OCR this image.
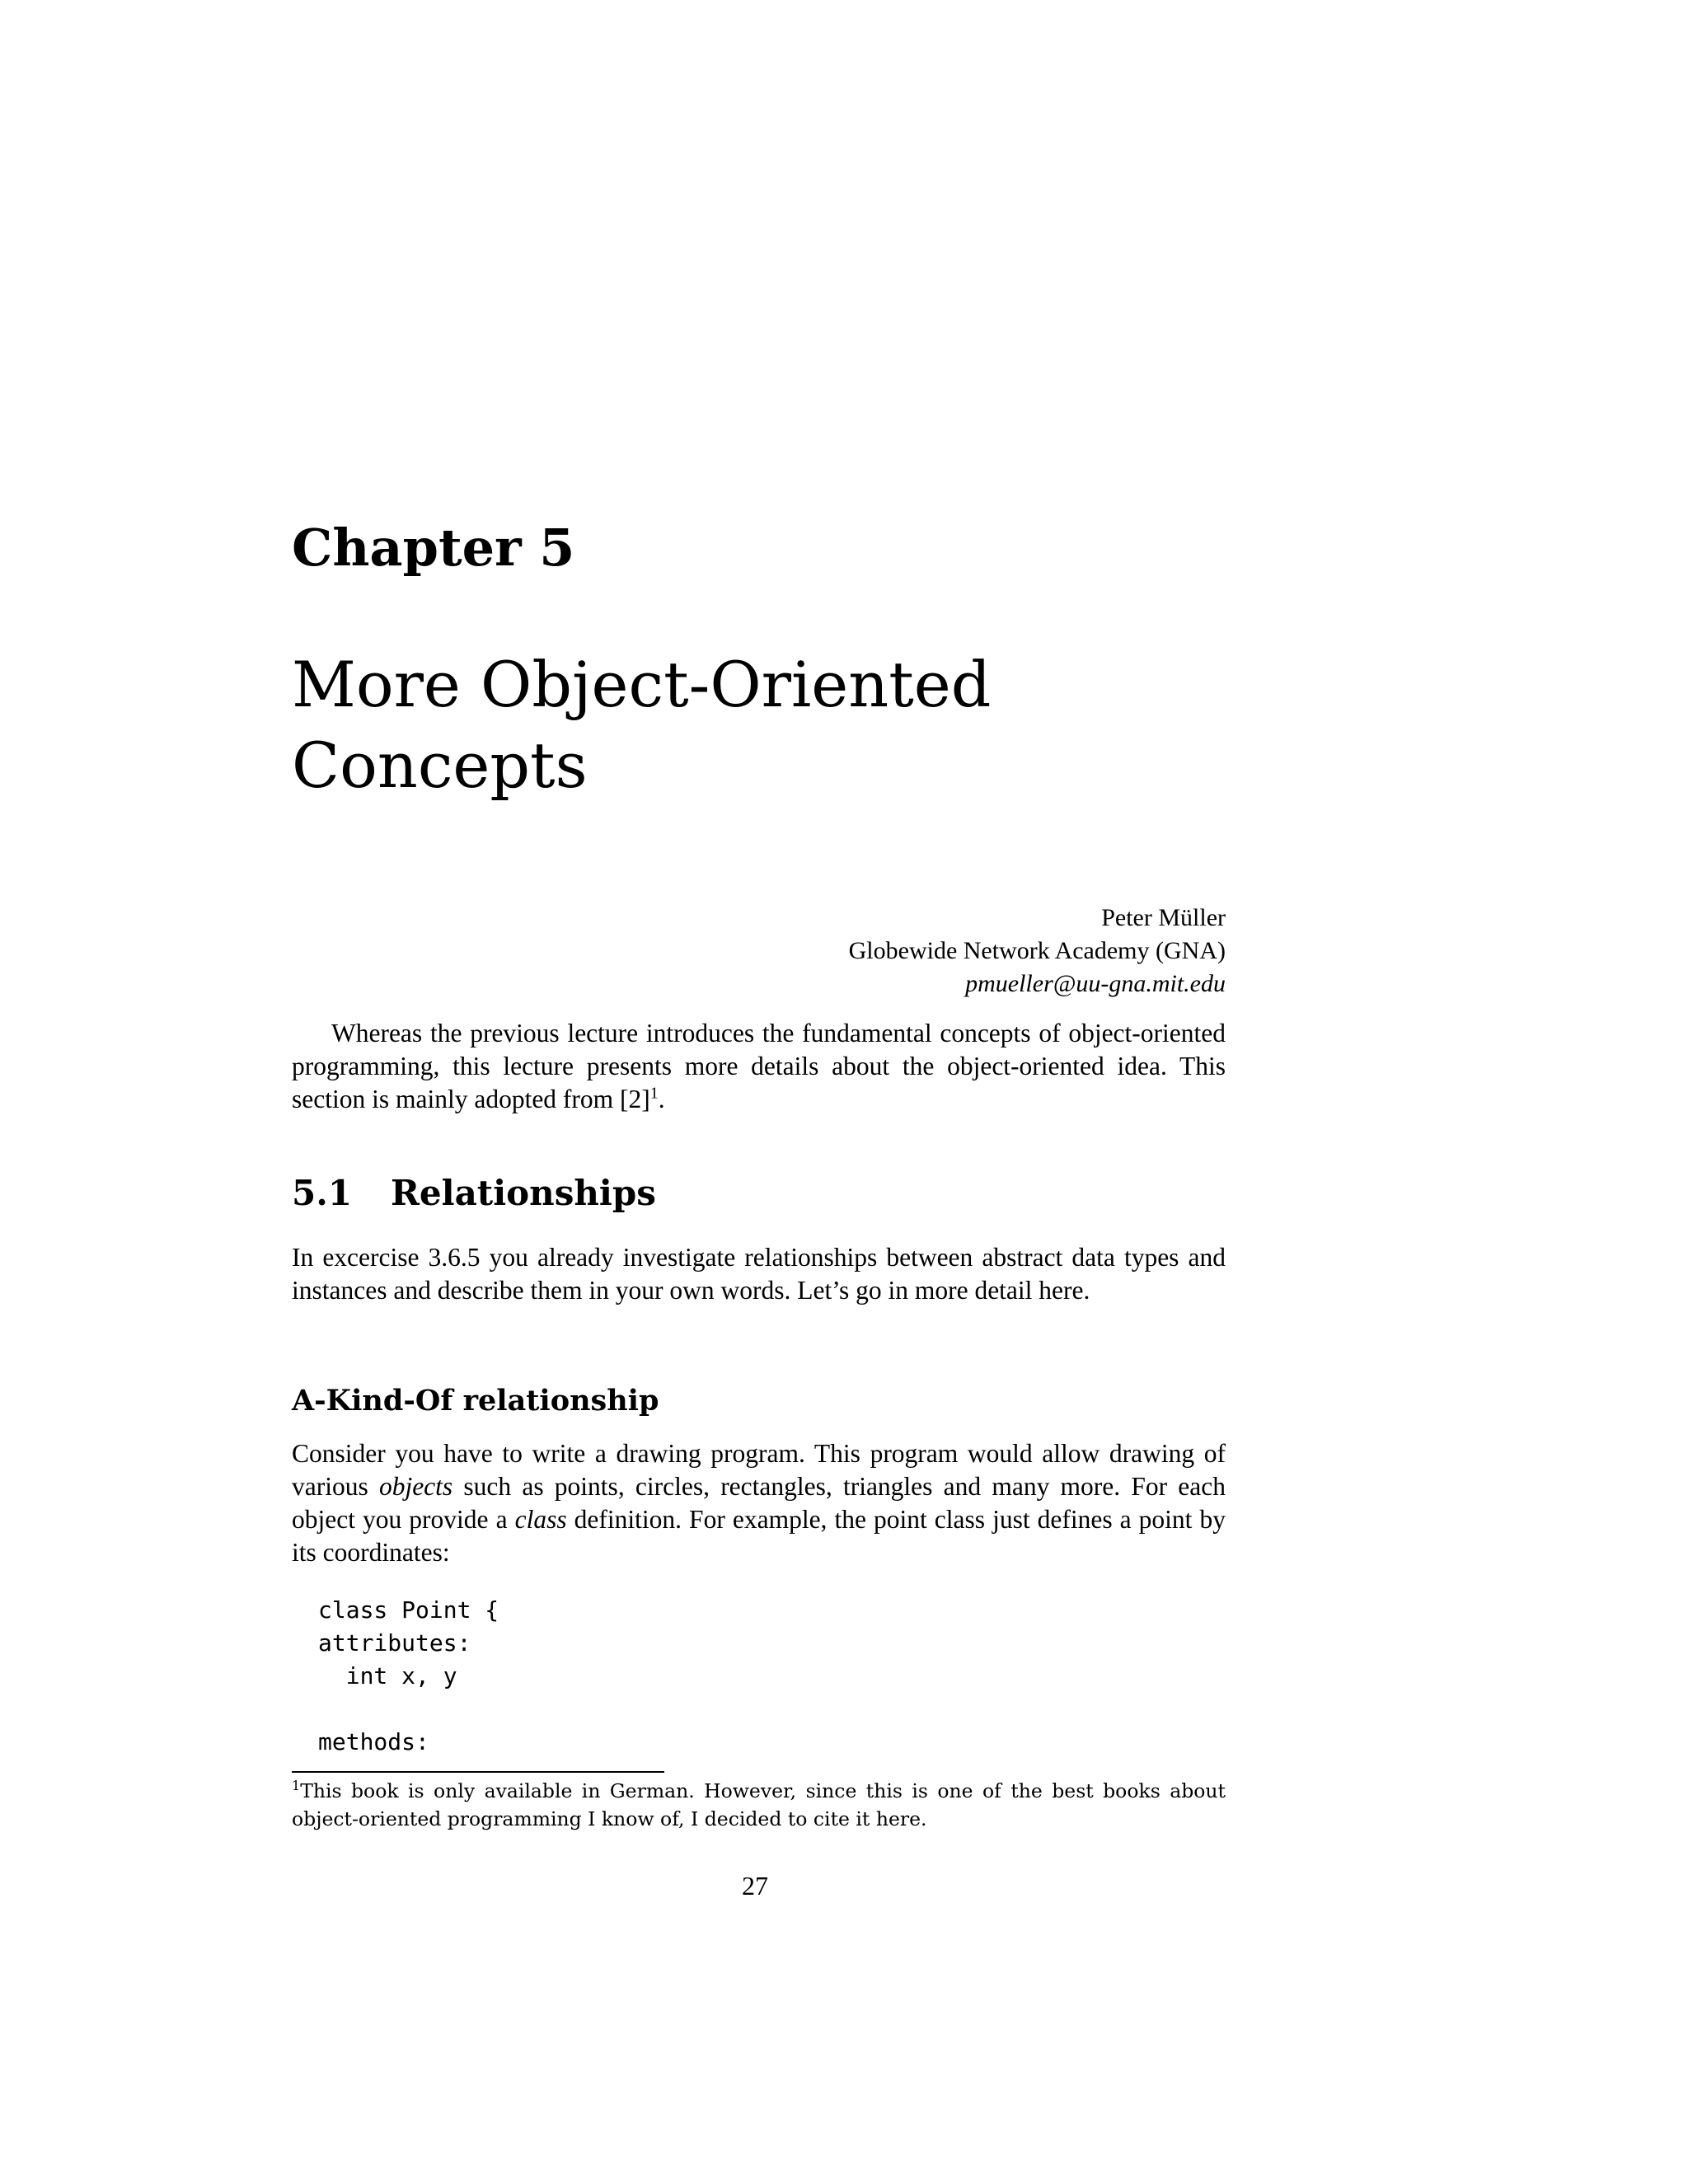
Chapter 5
More Object-Oriented
Concepts
Peter Müller
Globewide Network Academy (GNA)
pmueller@uu-gna.mit.edu

Whereas the previous lecture introduces the fundamental concepts of object-oriented programming, this lecture presents more details about the object-oriented idea. This section is mainly adopted from $[2]^1$.

5.1 Relationships

In excercise 3.6.5 you already investigate relationships between abstract data types and instances and describe them in your own words. Let’s go in more detail here.

A-Kind-Of relationship

Consider you have to write a drawing program. This program would allow drawing of various objects such as points, circles, rectangles, triangles and many more. For each object you provide a class definition. For example, the point class just defines a point by its coordinates:

class Point {
attributes:
int x, y
methods:
$^1$This book is only available in German. However, since this is one of the best books about object-oriented programming I know of, I decided to cite it here.
27
